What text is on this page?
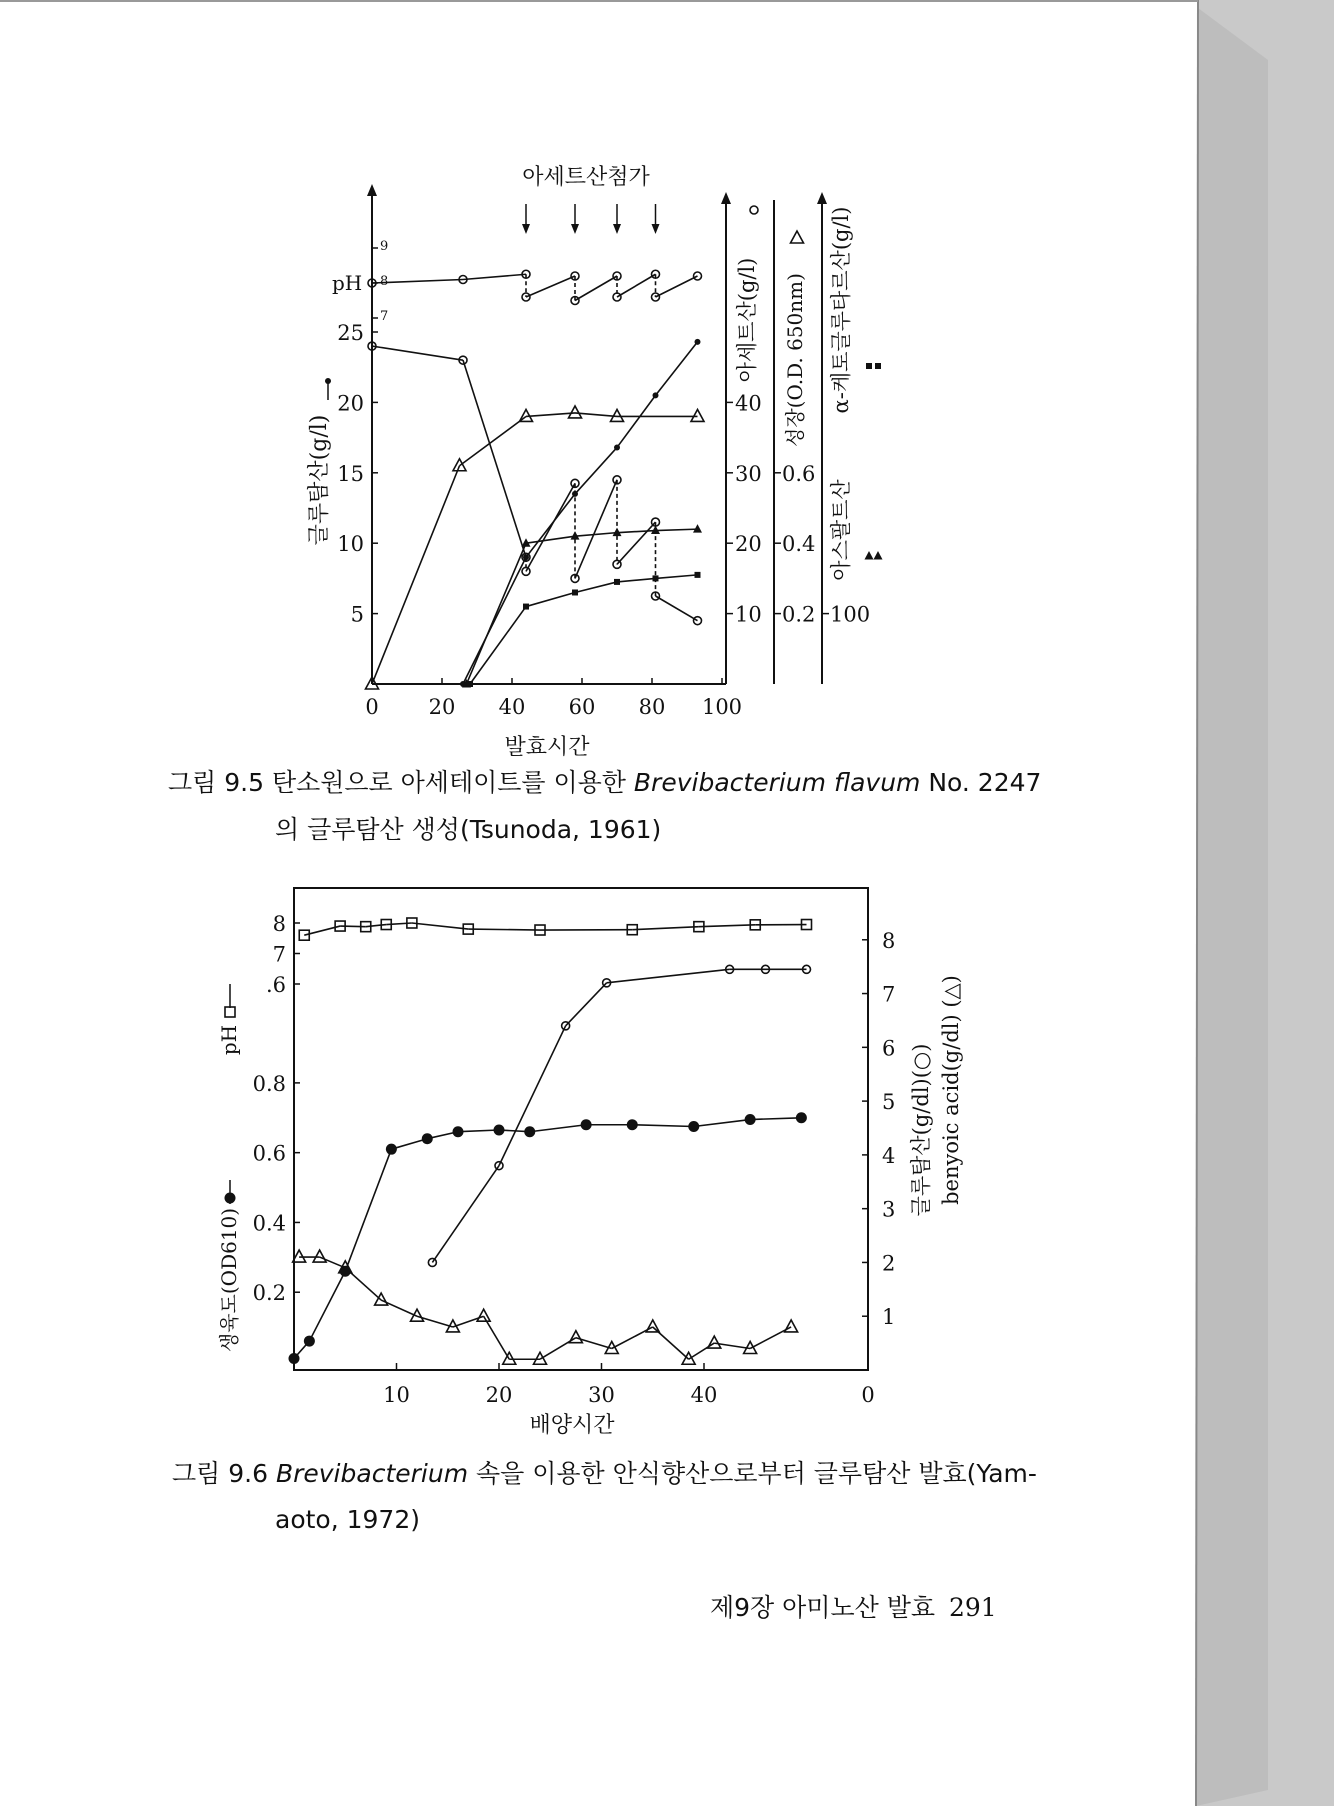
0 20 40 60 80 100
발효시간
9
8
7
pH
25
20
15
10
5
글루탐산(g/l)
40
30
20
10
아세트산(g/l)
0.6
0.4
0.2
성장(O.D. 650nm)
100
α-케토글루타르산(g/l)
아스팔트산
아세트산첨가
그림 9.5 탄소원으로 아세테이트를 이용한 Brevibacterium flavum No. 2247
의 글루탐산 생성(Tsunoda, 1961)
10	20	30	40	0
배양시간
8
7
.6
pH
0.8
0.6
0.4
0.2
생육도(OD610)
8
7
6
5
4
3
2
1
글루탐산(g/dl)(○) benyoic acid(g/dl) (△)
그림 9.6 Brevibacterium 속을 이용한 안식향산으로부터 글루탐산 발효(Yam-
aoto, 1972)
제9장 아미노산 발효 291
